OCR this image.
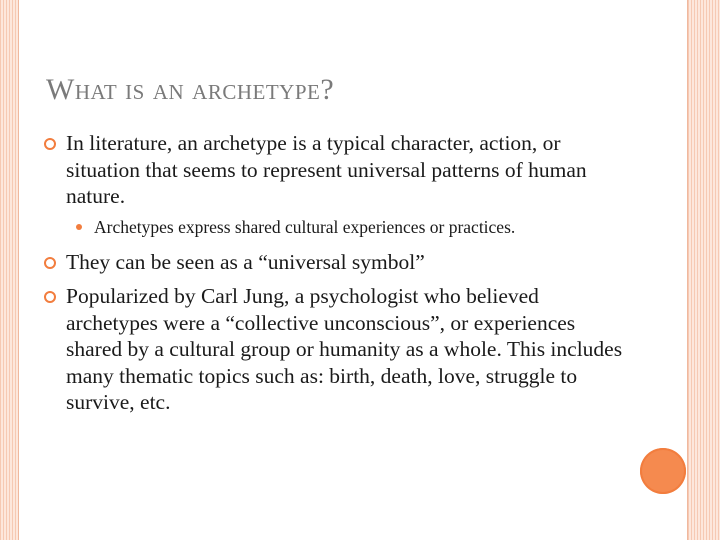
What is an archetype?
In literature, an archetype is a typical character, action, or situation that seems to represent universal patterns of human nature.
Archetypes express shared cultural experiences or practices.
They can be seen as a “universal symbol”
Popularized by Carl Jung, a psychologist who believed archetypes were a “collective unconscious”, or experiences shared by a cultural group or humanity as a whole. This includes many thematic topics such as: birth, death, love, struggle to survive, etc.
